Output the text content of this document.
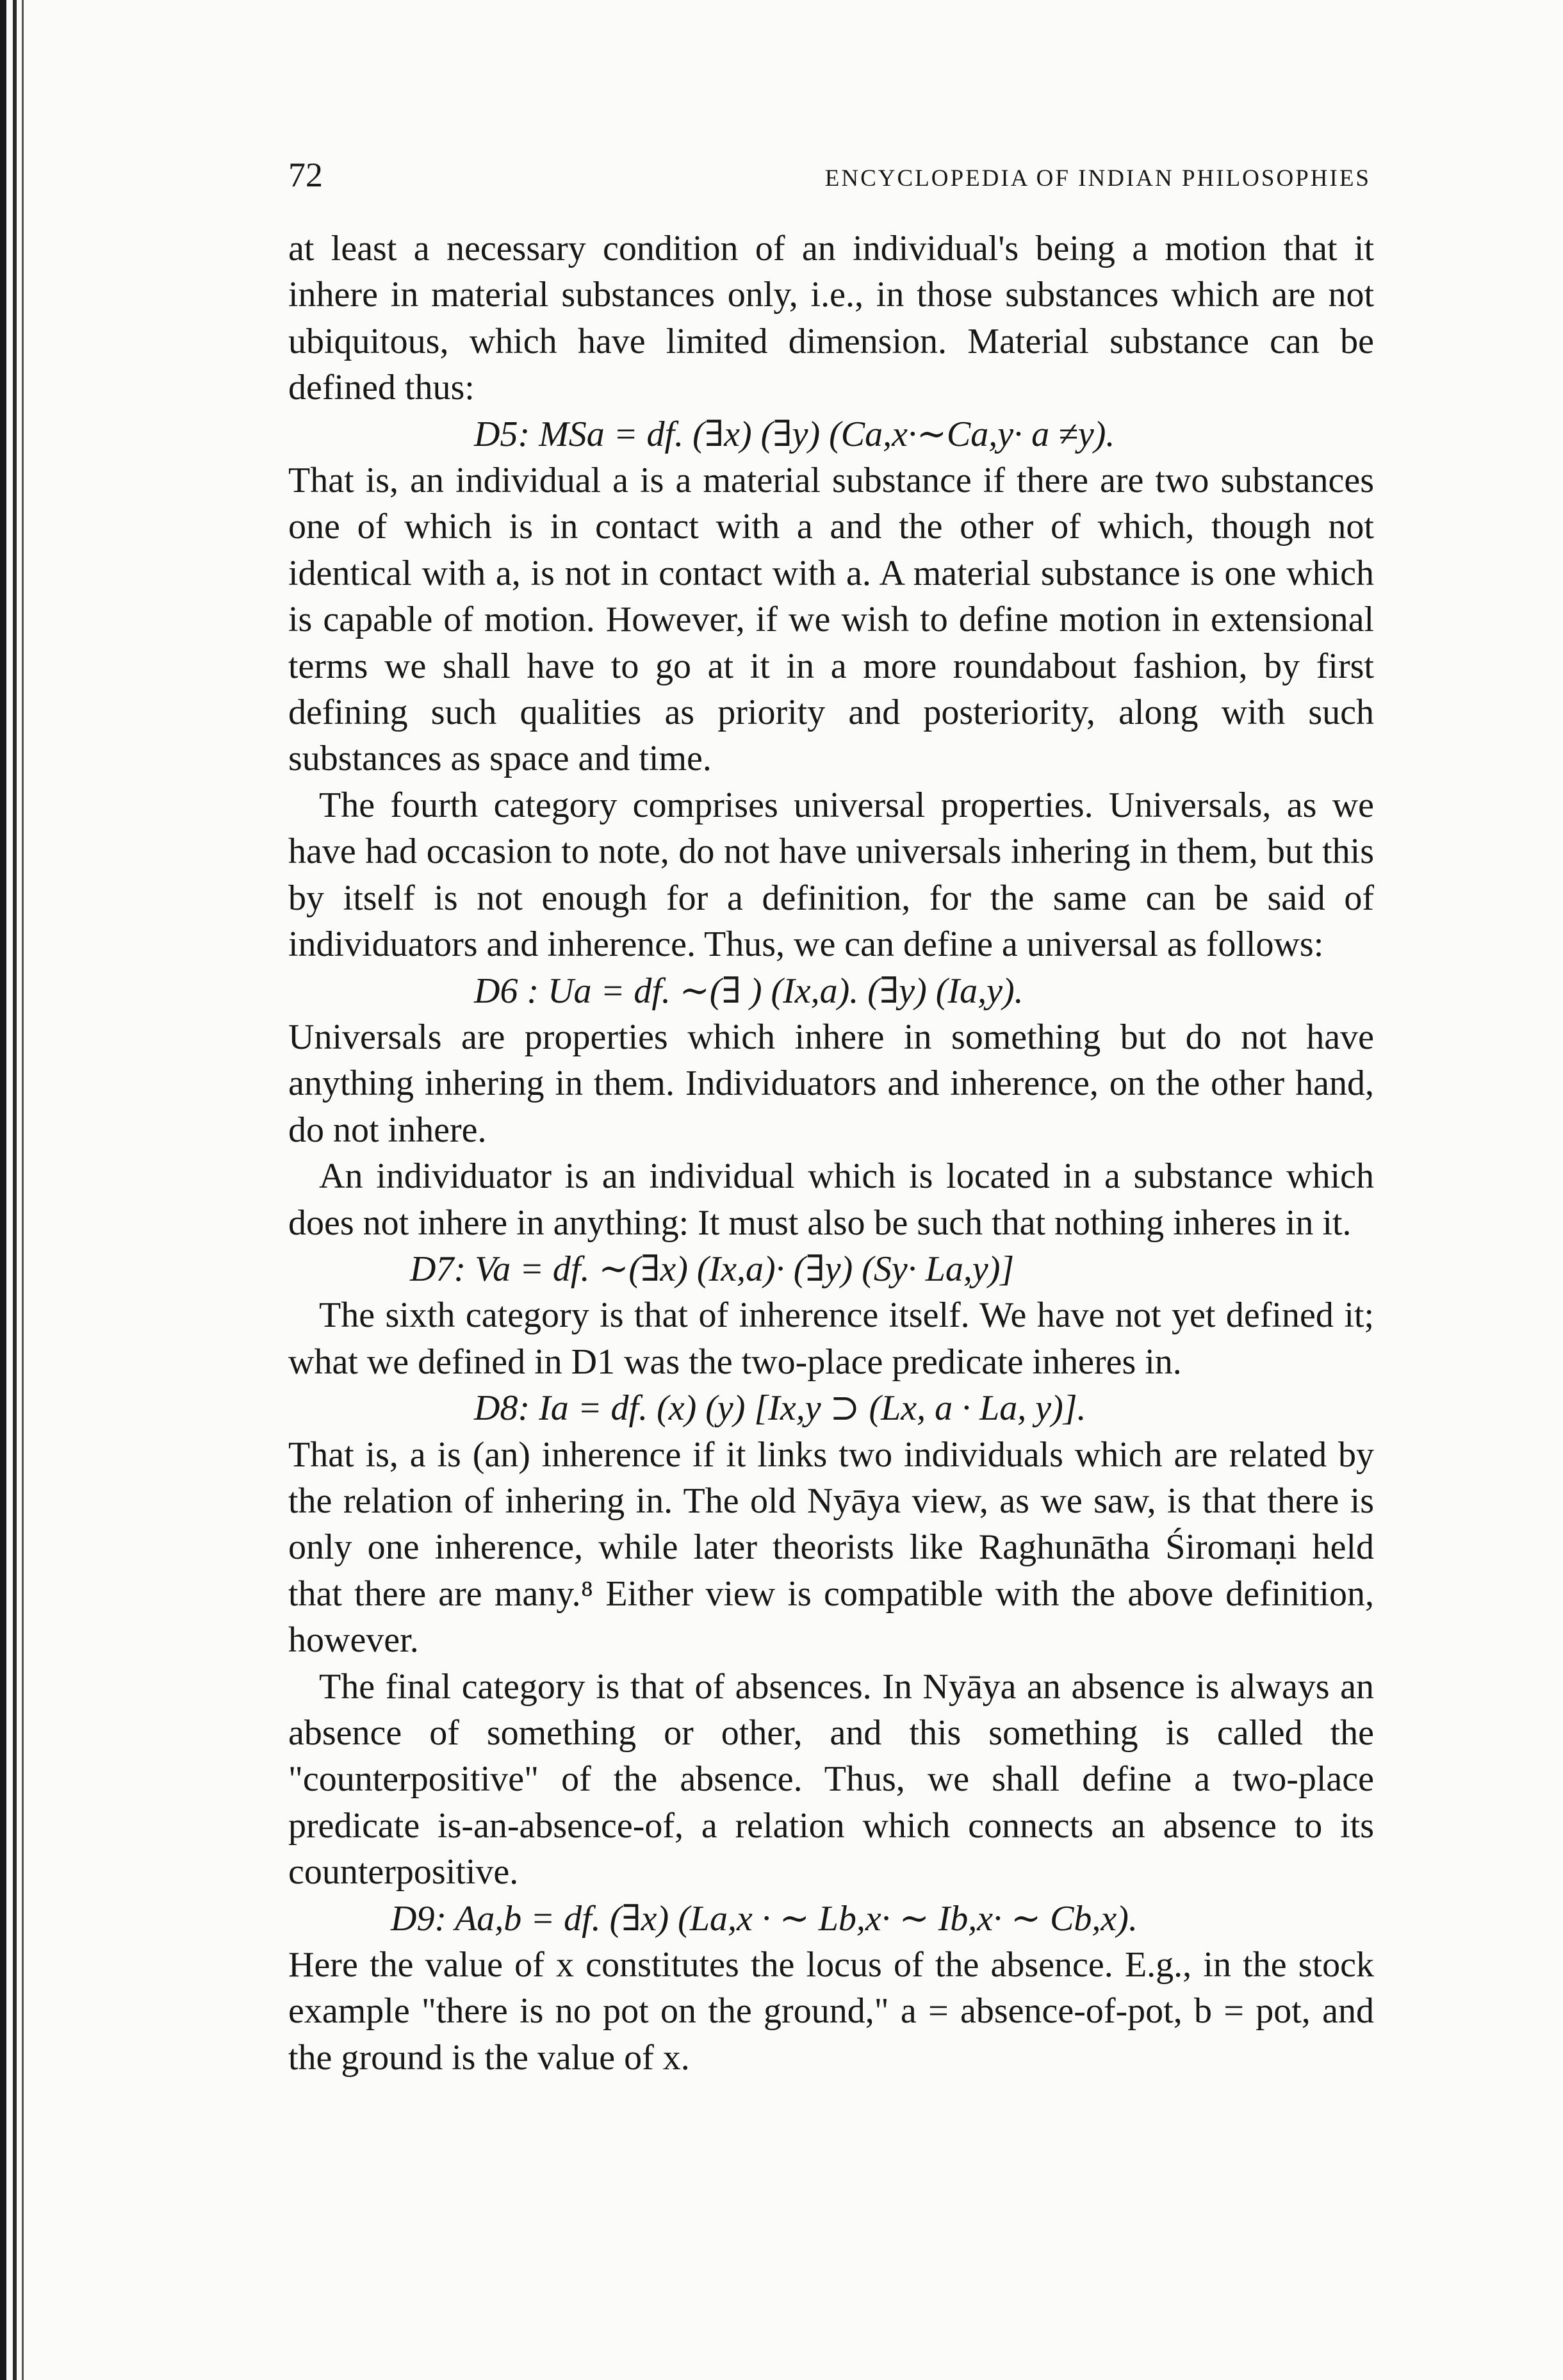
72	ENCYCLOPEDIA OF INDIAN PHILOSOPHIES

at least a necessary condition of an individual's being a motion that it inhere in material substances only, i.e., in those substances which are not ubiquitous, which have limited dimension. Material substance can be defined thus:

D5: MSa = df. (∃x) (∃y) (Ca,x·∼Ca,y· a ≠y).

That is, an individual a is a material substance if there are two substances one of which is in contact with a and the other of which, though not identical with a, is not in contact with a. A material substance is one which is capable of motion. However, if we wish to define motion in extensional terms we shall have to go at it in a more roundabout fashion, by first defining such qualities as priority and posteriority, along with such substances as space and time.

The fourth category comprises universal properties. Universals, as we have had occasion to note, do not have universals inhering in them, but this by itself is not enough for a definition, for the same can be said of individuators and inherence. Thus, we can define a universal as follows:

D6 : Ua = df. ∼(∃ ) (Ix,a). (∃y) (Ia,y).

Universals are properties which inhere in something but do not have anything inhering in them. Individuators and inherence, on the other hand, do not inhere.

An individuator is an individual which is located in a substance which does not inhere in anything: It must also be such that nothing inheres in it.

D7: Va = df. ∼(∃x) (Ix,a)· (∃y) (Sy· La,y)]

The sixth category is that of inherence itself. We have not yet defined it; what we defined in D1 was the two-place predicate inheres in.

D8: Ia = df. (x) (y) [Ix,y ⊃ (Lx, a · La, y)].

That is, a is (an) inherence if it links two individuals which are related by the relation of inhering in. The old Nyāya view, as we saw, is that there is only one inherence, while later theorists like Raghunātha Śiromaṇi held that there are many.⁸ Either view is compatible with the above definition, however.

The final category is that of absences. In Nyāya an absence is always an absence of something or other, and this something is called the "counterpositive" of the absence. Thus, we shall define a two-place predicate is-an-absence-of, a relation which connects an absence to its counterpositive.

D9: Aa,b = df. (∃x) (La,x · ∼ Lb,x· ∼ Ib,x· ∼ Cb,x).

Here the value of x constitutes the locus of the absence. E.g., in the stock example "there is no pot on the ground," a = absence-of-pot, b = pot, and the ground is the value of x.
